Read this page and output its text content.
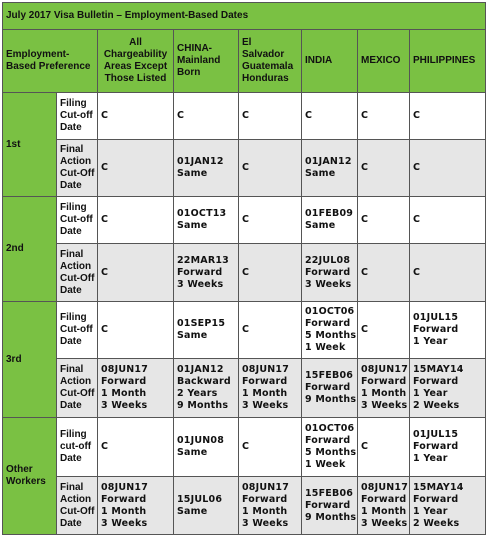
July 2017 Visa Bulletin – Employment-Based Dates							

Employment-
Based Preference		All
Chargeability
Areas Except
Those Listed	CHINA-
Mainland
Born	El
Salvador
Guatemala
Honduras	INDIA	MEXICO	PHILIPPINES

1st	Filing
Cut-off
Date	C	C	C	C	C	C

	Final
Action
Cut-Off
Date	C	01JAN12
Same	C	01JAN12
Same	C	C

2nd	Filing
Cut-off
Date	C	01OCT13
Same	C	01FEB09
Same	C	C

	Final
Action
Cut-Off
Date	C	22MAR13
Forward
3 Weeks	C	22JUL08
Forward
3 Weeks	C	C

3rd	Filing
Cut-off
Date	C	01SEP15
Same	C	01OCT06
Forward
5 Months
1 Week	C	01JUL15
Forward
1 Year

	Final
Action
Cut-Off
Date	08JUN17
Forward
1 Month
3 Weeks	01JAN12
Backward
2 Years
9 Months	08JUN17
Forward
1 Month
3 Weeks	15FEB06
Forward
9 Months	08JUN17
Forward
1 Month
3 Weeks	15MAY14
Forward
1 Year
2 Weeks

Other
Workers	Filing
cut-off
Date	C	01JUN08
Same	C	01OCT06
Forward
5 Months
1 Week	C	01JUL15
Forward
1 Year

	Final
Action
Cut-Off
Date	08JUN17
Forward
1 Month
3 Weeks	15JUL06
Same	08JUN17
Forward
1 Month
3 Weeks	15FEB06
Forward
9 Months	08JUN17
Forward
1 Month
3 Weeks	15MAY14
Forward
1 Year
2 Weeks
